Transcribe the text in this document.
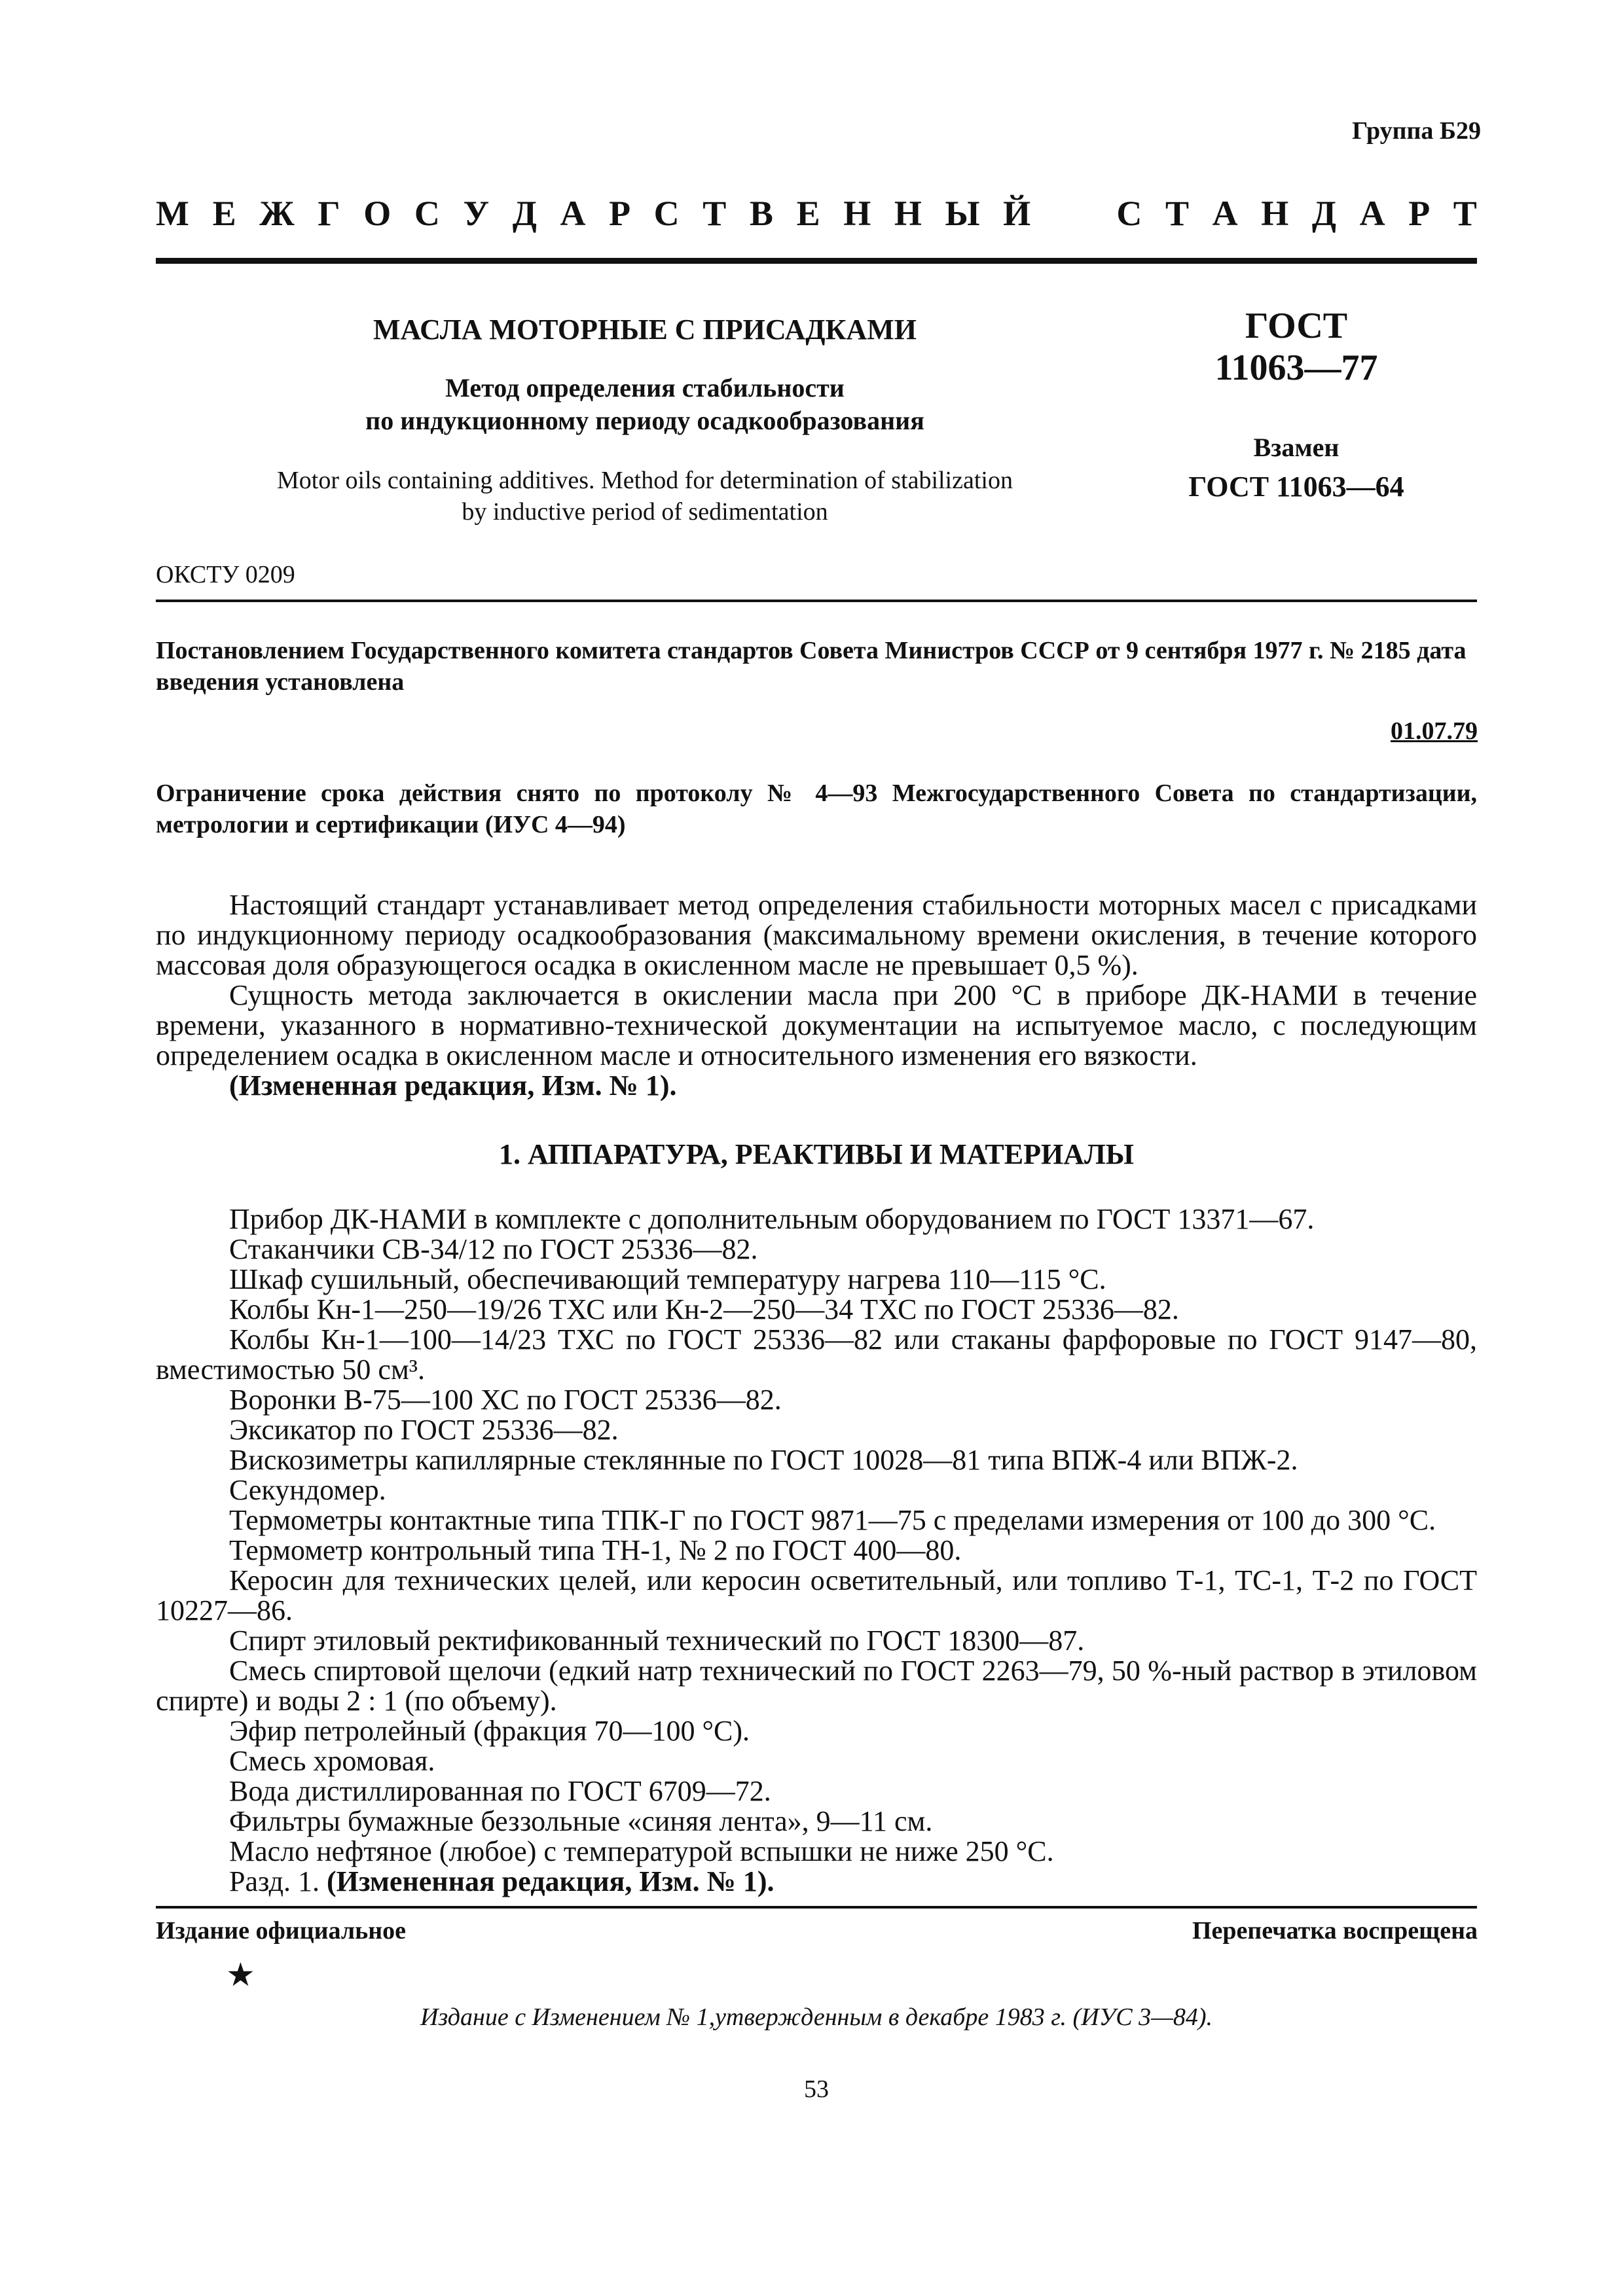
Группа Б29
М Е Ж Г О С У Д А Р С Т В Е Н Н Ы Й С Т А Н Д А Р Т
МАСЛА МОТОРНЫЕ С ПРИСАДКАМИ
Метод определения стабильности
по индукционному периоду осадкообразования
Motor oils containing additives. Method for determination of stabilization
by inductive period of sedimentation
ГОСТ
11063—77
Взамен
ГОСТ 11063—64
ОКСТУ 0209
Постановлением Государственного комитета стандартов Совета Министров СССР от 9 сентября 1977 г. № 2185 дата введения установлена
01.07.79
Ограничение срока действия снято по протоколу № 4—93 Межгосударственного Совета по стандартизации, метрологии и сертификации (ИУС 4—94)

Настоящий стандарт устанавливает метод определения стабильности моторных масел с присадками по индукционному периоду осадкообразования (максимальному времени окисления, в течение которого массовая доля образующегося осадка в окисленном масле не превышает 0,5 %).

Сущность метода заключается в окислении масла при 200 °С в приборе ДК-НАМИ в течение времени, указанного в нормативно-технической документации на испытуемое масло, с последующим определением осадка в окисленном масле и относительного изменения его вязкости.

(Измененная редакция, Изм. № 1).

1. АППАРАТУРА, РЕАКТИВЫ И МАТЕРИАЛЫ

Прибор ДК-НАМИ в комплекте с дополнительным оборудованием по ГОСТ 13371—67.

Стаканчики СВ-34/12 по ГОСТ 25336—82.

Шкаф сушильный, обеспечивающий температуру нагрева 110—115 °С.

Колбы Кн-1—250—19/26 ТХС или Кн-2—250—34 ТХС по ГОСТ 25336—82.

Колбы Кн-1—100—14/23 ТХС по ГОСТ 25336—82 или стаканы фарфоровые по ГОСТ 9147—80, вместимостью 50 см³.

Воронки В-75—100 ХС по ГОСТ 25336—82.

Эксикатор по ГОСТ 25336—82.

Вискозиметры капиллярные стеклянные по ГОСТ 10028—81 типа ВПЖ-4 или ВПЖ-2.

Секундомер.

Термометры контактные типа ТПК-Г по ГОСТ 9871—75 с пределами измерения от 100 до 300 °С.

Термометр контрольный типа ТН-1, № 2 по ГОСТ 400—80.

Керосин для технических целей, или керосин осветительный, или топливо Т-1, ТС-1, Т-2 по ГОСТ 10227—86.

Спирт этиловый ректификованный технический по ГОСТ 18300—87.

Смесь спиртовой щелочи (едкий натр технический по ГОСТ 2263—79, 50 %-ный раствор в этиловом спирте) и воды 2 : 1 (по объему).

Эфир петролейный (фракция 70—100 °С).

Смесь хромовая.

Вода дистиллированная по ГОСТ 6709—72.

Фильтры бумажные беззольные «синяя лента», 9—11 см.

Масло нефтяное (любое) с температурой вспышки не ниже 250 °С.

Разд. 1. (Измененная редакция, Изм. № 1).

Издание официальное	Перепечатка воспрещена
★
Издание с Изменением № 1,утвержденным в декабре 1983 г. (ИУС 3—84).
53
